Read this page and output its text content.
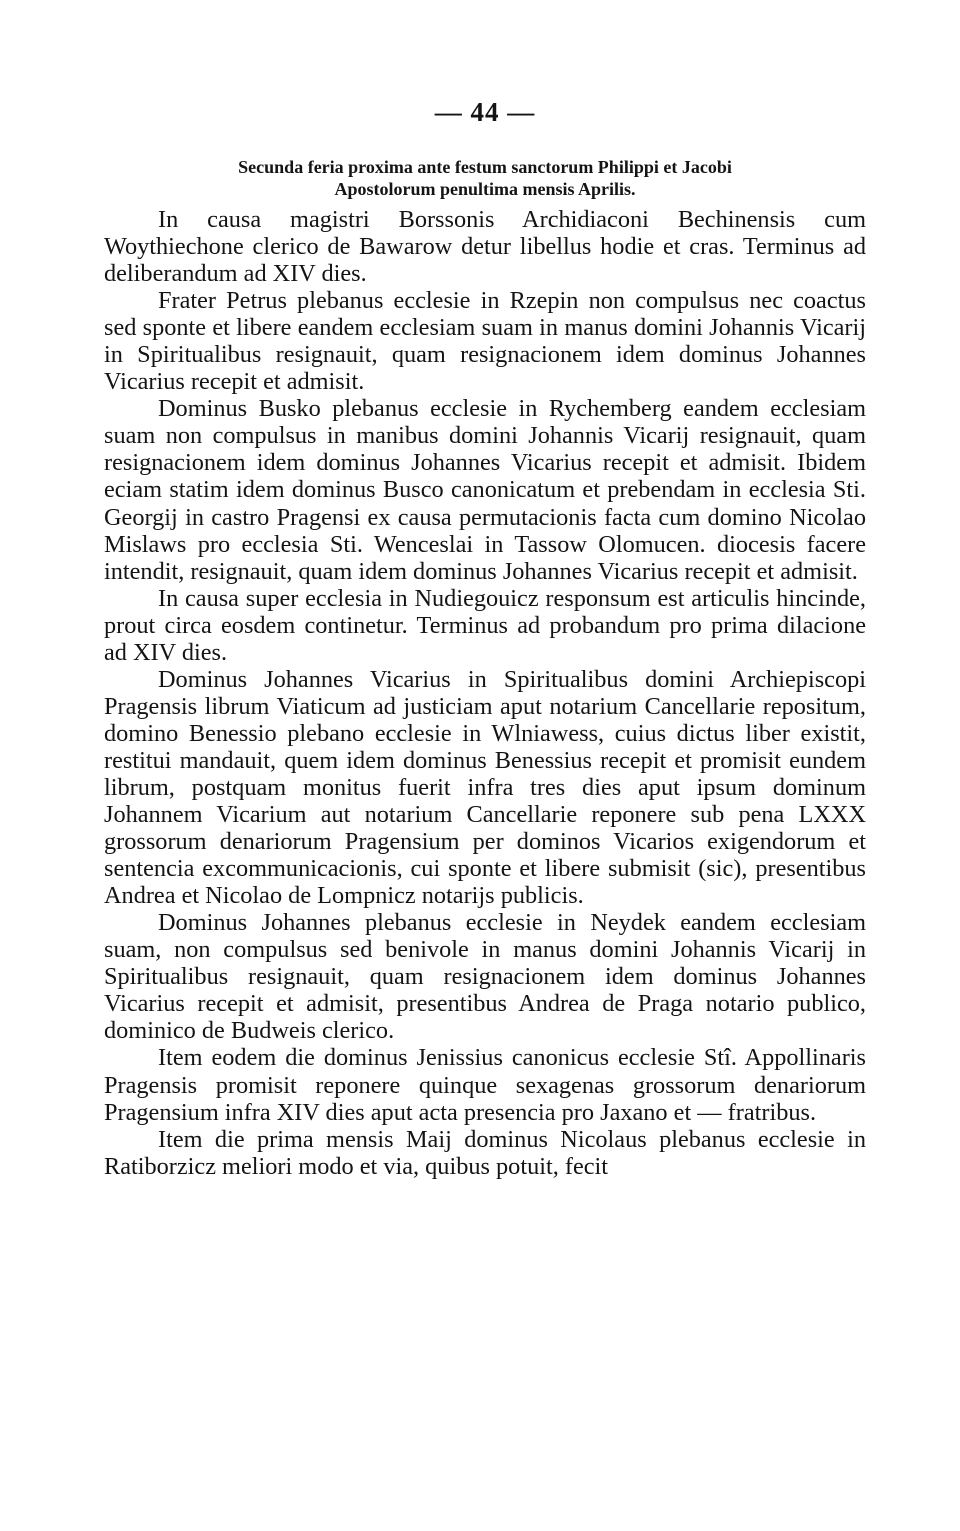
— 44 —
Secunda feria proxima ante festum sanctorum Philippi et Jacobi
Apostolorum penultima mensis Aprilis.

In causa magistri Borssonis Archidiaconi Bechinensis cum Woythiechone clerico de Bawarow detur libellus hodie et cras. Terminus ad deliberandum ad XIV dies.

Frater Petrus plebanus ecclesie in Rzepin non compulsus nec coactus sed sponte et libere eandem ecclesiam suam in manus domini Johannis Vicarij in Spiritualibus resignauit, quam resignacionem idem dominus Johannes Vicarius recepit et admisit.

Dominus Busko plebanus ecclesie in Rychemberg eandem ecclesiam suam non compulsus in manibus domini Johannis Vicarij resignauit, quam resignacionem idem dominus Johannes Vicarius recepit et admisit. Ibidem eciam statim idem dominus Busco canonicatum et prebendam in ecclesia Sti. Georgij in castro Pragensi ex causa permutacionis facta cum domino Nicolao Mislaws pro ecclesia Sti. Wenceslai in Tassow Olomucen. diocesis facere intendit, resignauit, quam idem dominus Johannes Vicarius recepit et admisit.

In causa super ecclesia in Nudiegouicz responsum est articulis hincinde, prout circa eosdem continetur. Terminus ad probandum pro prima dilacione ad XIV dies.

Dominus Johannes Vicarius in Spiritualibus domini Archiepiscopi Pragensis librum Viaticum ad justiciam aput notarium Cancellarie repositum, domino Benessio plebano ecclesie in Wlniawess, cuius dictus liber existit, restitui mandauit, quem idem dominus Benessius recepit et promisit eundem librum, postquam monitus fuerit infra tres dies aput ipsum dominum Johannem Vicarium aut notarium Cancellarie reponere sub pena LXXX grossorum denariorum Pragensium per dominos Vicarios exigendorum et sentencia excommunicacionis, cui sponte et libere submisit (sic), presentibus Andrea et Nicolao de Lompnicz notarijs publicis.

Dominus Johannes plebanus ecclesie in Neydek eandem ecclesiam suam, non compulsus sed benivole in manus domini Johannis Vicarij in Spiritualibus resignauit, quam resignacionem idem dominus Johannes Vicarius recepit et admisit, presentibus Andrea de Praga notario publico, dominico de Budweis clerico.

Item eodem die dominus Jenissius canonicus ecclesie Stî. Appollinaris Pragensis promisit reponere quinque sexagenas grossorum denariorum Pragensium infra XIV dies aput acta presencia pro Jaxano et — fratribus.

Item die prima mensis Maij dominus Nicolaus plebanus ecclesie in Ratiborzicz meliori modo et via, quibus potuit, fecit
